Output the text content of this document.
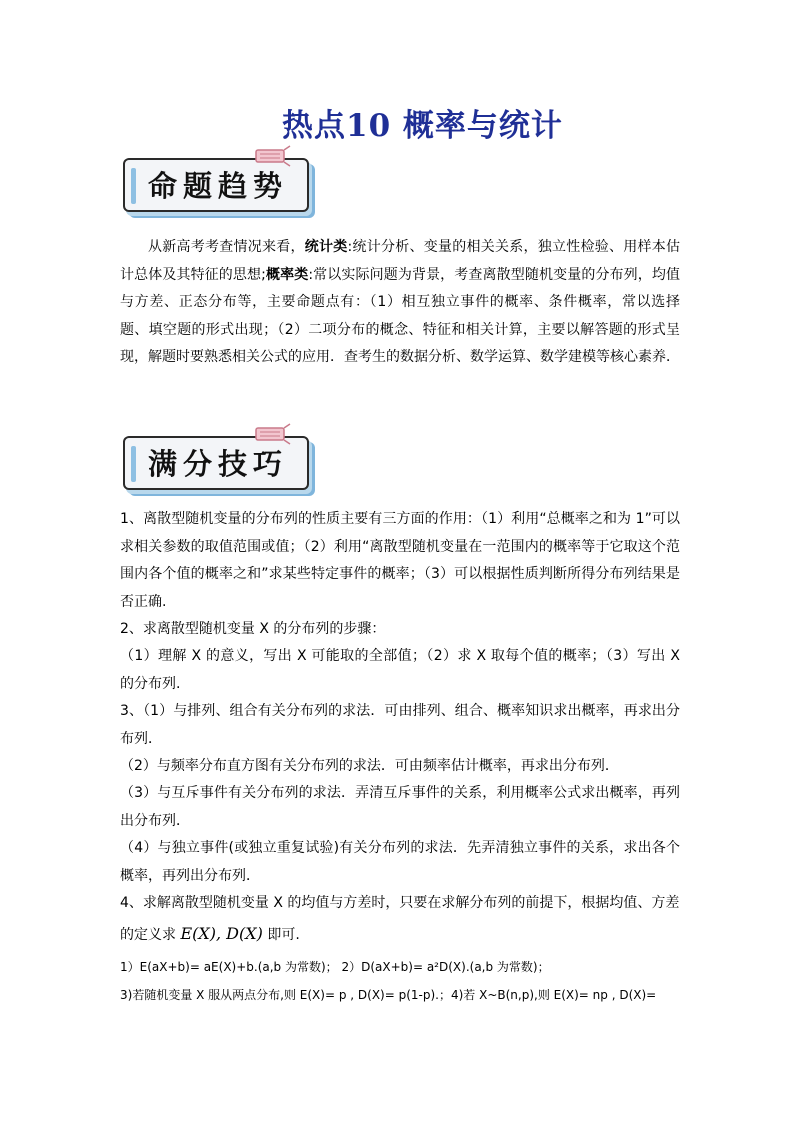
热点10 概率与统计
命题趋势
从新高考考查情况来看，统计类:统计分析、变量的相关关系，独立性检验、用样本估计总体及其特征的思想;概率类:常以实际问题为背景，考查离散型随机变量的分布列，均值与方差、正态分布等，主要命题点有：（1）相互独立事件的概率、条件概率，常以选择题、填空题的形式出现；（2）二项分布的概念、特征和相关计算，主要以解答题的形式呈现，解题时要熟悉相关公式的应用．查考生的数据分析、数学运算、数学建模等核心素养．
满分技巧
1、离散型随机变量的分布列的性质主要有三方面的作用：（1）利用“总概率之和为 1”可以求相关参数的取值范围或值；（2）利用“离散型随机变量在一范围内的概率等于它取这个范围内各个值的概率之和”求某些特定事件的概率；（3）可以根据性质判断所得分布列结果是否正确.
2、求离散型随机变量 X 的分布列的步骤：
（1）理解 X 的意义，写出 X 可能取的全部值；（2）求 X 取每个值的概率；（3）写出 X 的分布列.
3、（1）与排列、组合有关分布列的求法．可由排列、组合、概率知识求出概率，再求出分布列．
（2）与频率分布直方图有关分布列的求法．可由频率估计概率，再求出分布列．
（3）与互斥事件有关分布列的求法．弄清互斥事件的关系，利用概率公式求出概率，再列出分布列．
（4）与独立事件(或独立重复试验)有关分布列的求法．先弄清独立事件的关系，求出各个概率，再列出分布列．
4、求解离散型随机变量 X 的均值与方差时，只要在求解分布列的前提下，根据均值、方差
的定义求 E(X), D(X) 即可.
1）E(aX+b)= aE(X)+b.(a,b 为常数)； 2）D(aX+b)= a²D(X).(a,b 为常数)；
3)若随机变量 X 服从两点分布,则 E(X)= p , D(X)= p(1-p).；4)若 X~B(n,p),则 E(X)= np , D(X)=
